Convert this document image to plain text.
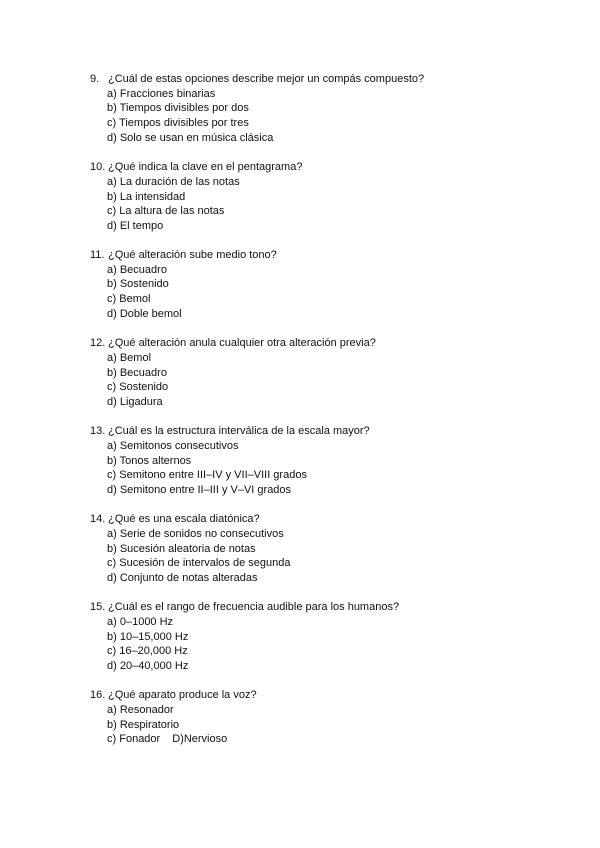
9. ¿Cuál de estas opciones describe mejor un compás compuesto?
a) Fracciones binarias
b) Tiempos divisibles por dos
c) Tiempos divisibles por tres
d) Solo se usan en música clásica
10. ¿Qué indica la clave en el pentagrama?
a) La duración de las notas
b) La intensidad
c) La altura de las notas
d) El tempo
11. ¿Qué alteración sube medio tono?
a) Becuadro
b) Sostenido
c) Bemol
d) Doble bemol
12. ¿Qué alteración anula cualquier otra alteración previa?
a) Bemol
b) Becuadro
c) Sostenido
d) Ligadura
13. ¿Cuál es la estructura interválica de la escala mayor?
a) Semitonos consecutivos
b) Tonos alternos
c) Semitono entre III–IV y VII–VIII grados
d) Semitono entre II–III y V–VI grados
14. ¿Qué es una escala diatónica?
a) Serie de sonidos no consecutivos
b) Sucesión aleatoria de notas
c) Sucesión de intervalos de segunda
d) Conjunto de notas alteradas
15. ¿Cuál es el rango de frecuencia audible para los humanos?
a) 0–1000 Hz
b) 10–15,000 Hz
c) 16–20,000 Hz
d) 20–40,000 Hz
16. ¿Qué aparato produce la voz?
a) Resonador
b) Respiratorio
c) Fonador D)Nervioso
